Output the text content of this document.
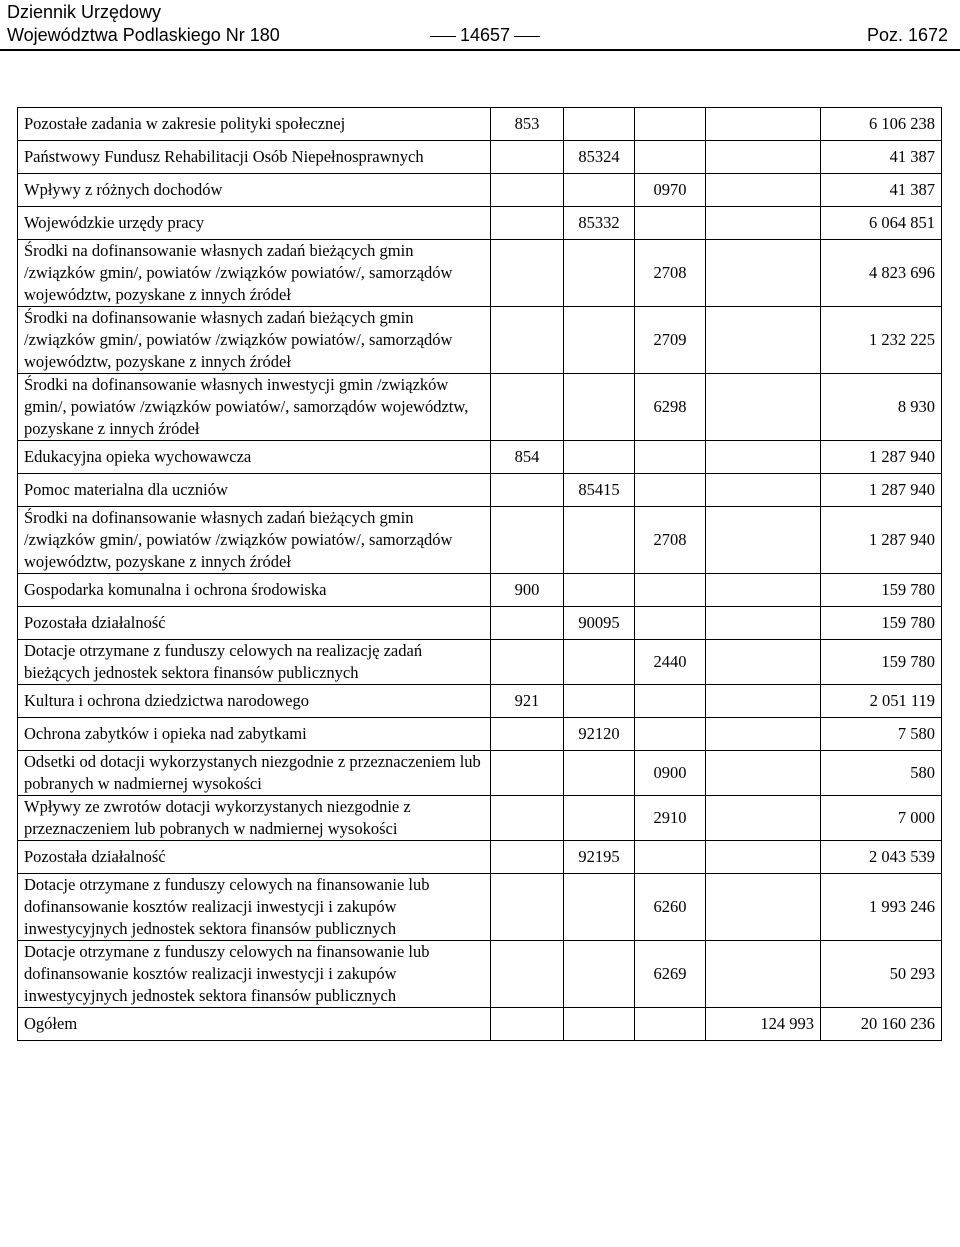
Dziennik Urzędowy
Województwa Podlaskiego Nr 180	14657	Poz. 1672
Pozostałe zadania w zakresie polityki społecznej	853				6 106 238
Państwowy Fundusz Rehabilitacji Osób Niepełnosprawnych		85324			41 387
Wpływy z różnych dochodów			0970		41 387
Wojewódzkie urzędy pracy		85332			6 064 851
Środki na dofinansowanie własnych zadań bieżących gmin /związków gmin/, powiatów /związków powiatów/, samorządów województw, pozyskane z innych źródeł			2708		4 823 696
Środki na dofinansowanie własnych zadań bieżących gmin /związków gmin/, powiatów /związków powiatów/, samorządów województw, pozyskane z innych źródeł			2709		1 232 225
Środki na dofinansowanie własnych inwestycji gmin /związków gmin/, powiatów /związków powiatów/, samorządów województw, pozyskane z innych źródeł			6298		8 930
Edukacyjna opieka wychowawcza	854				1 287 940
Pomoc materialna dla uczniów		85415			1 287 940
Środki na dofinansowanie własnych zadań bieżących gmin /związków gmin/, powiatów /związków powiatów/, samorządów województw, pozyskane z innych źródeł			2708		1 287 940
Gospodarka komunalna i ochrona środowiska	900				159 780
Pozostała działalność		90095			159 780
Dotacje otrzymane z funduszy celowych na realizację zadań bieżących jednostek sektora finansów publicznych			2440		159 780
Kultura i ochrona dziedzictwa narodowego	921				2 051 119
Ochrona zabytków i opieka nad zabytkami		92120			7 580
Odsetki od dotacji wykorzystanych niezgodnie z przeznaczeniem lub pobranych w nadmiernej wysokości			0900		580
Wpływy ze zwrotów dotacji wykorzystanych niezgodnie z przeznaczeniem lub pobranych w nadmiernej wysokości			2910		7 000
Pozostała działalność		92195			2 043 539
Dotacje otrzymane z funduszy celowych na finansowanie lub dofinansowanie kosztów realizacji inwestycji i zakupów inwestycyjnych jednostek sektora finansów publicznych			6260		1 993 246
Dotacje otrzymane z funduszy celowych na finansowanie lub dofinansowanie kosztów realizacji inwestycji i zakupów inwestycyjnych jednostek sektora finansów publicznych			6269		50 293
Ogółem				124 993	20 160 236
